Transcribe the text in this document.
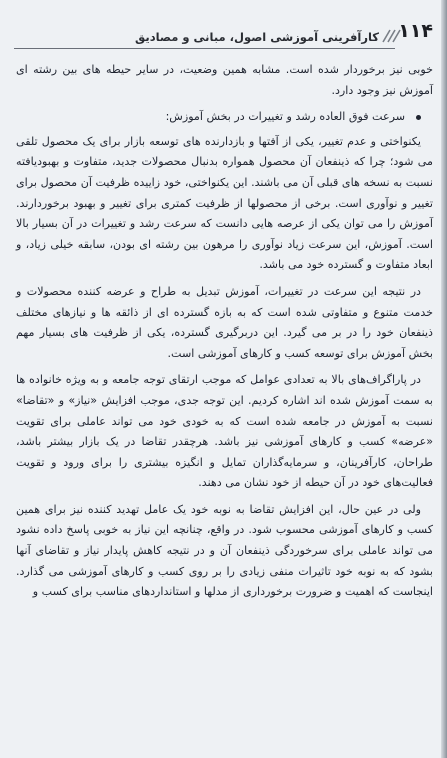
۱۱۴
کارآفرینی آموزشی اصول، مبانی و مصادیق

خوبی نیز برخوردار شده است. مشابه همین وضعیت، در سایر حیطه های بین رشته ای آموزش نیز وجود دارد.

سرعت فوق العاده رشد و تغییرات در بخش آموزش:

یکنواختی و عدم تغییر، یکی از آفتها و بازدارنده های توسعه بازار برای یک محصول تلقی می شود؛ چرا که ذینفعان آن محصول همواره بدنبال محصولات جدید، متفاوت و بهبودیافته نسبت به نسخه های قبلی آن می باشند. این یکنواختی، خود زاییده ظرفیت آن محصول برای تغییر و نوآوری است. برخی از محصولها از ظرفیت کمتری برای تغییر و بهبود برخوردارند. آموزش را می توان یکی از عرصه هایی دانست که سرعت رشد و تغییرات در آن بسیار بالا است. آموزش، این سرعت زیاد نوآوری را مرهون بین رشته ای بودن، سابقه خیلی زیاد، و ابعاد متفاوت و گسترده خود می باشد.

در نتیجه این سرعت در تغییرات، آموزش تبدیل به طراح و عرضه کننده محصولات و خدمت متنوع و متفاوتی شده است که به بازه گسترده ای از ذائقه ها و نیازهای مختلف ذینفعان خود را در بر می گیرد. این دربرگیری گسترده، یکی از ظرفیت های بسیار مهم بخش آموزش برای توسعه کسب و کارهای آموزشی است.

در پاراگراف‌های بالا به تعدادی عوامل که موجب ارتقای توجه جامعه و به ویژه خانواده ها به سمت آموزش شده اند اشاره کردیم. این توجه جدی، موجب افزایش «نیاز» و «تقاضا» نسبت به آموزش در جامعه شده است که به خودی خود می تواند عاملی برای تقویت «عرضه» کسب و کارهای آموزشی نیز باشد. هرچقدر تقاضا در یک بازار بیشتر باشد، طراحان، کارآفرینان، و سرمایه‌گذاران تمایل و انگیزه بیشتری را برای ورود و تقویت فعالیت‌های خود در آن حیطه از خود نشان می دهند.

ولی در عین حال، این افزایش تقاضا به نوبه خود یک عامل تهدید کننده نیز برای همین کسب و کارهای آموزشی محسوب شود. در واقع، چنانچه این نیاز به خوبی پاسخ داده نشود می تواند عاملی برای سرخوردگی ذینفعان آن و در نتیجه کاهش پایدار نیاز و تقاضای آنها بشود که به نوبه خود تاثیرات منفی زیادی را بر روی کسب و کارهای آموزشی می گذارد. اینجاست که اهمیت و ضرورت برخورداری از مدلها و استانداردهای مناسب برای کسب و
